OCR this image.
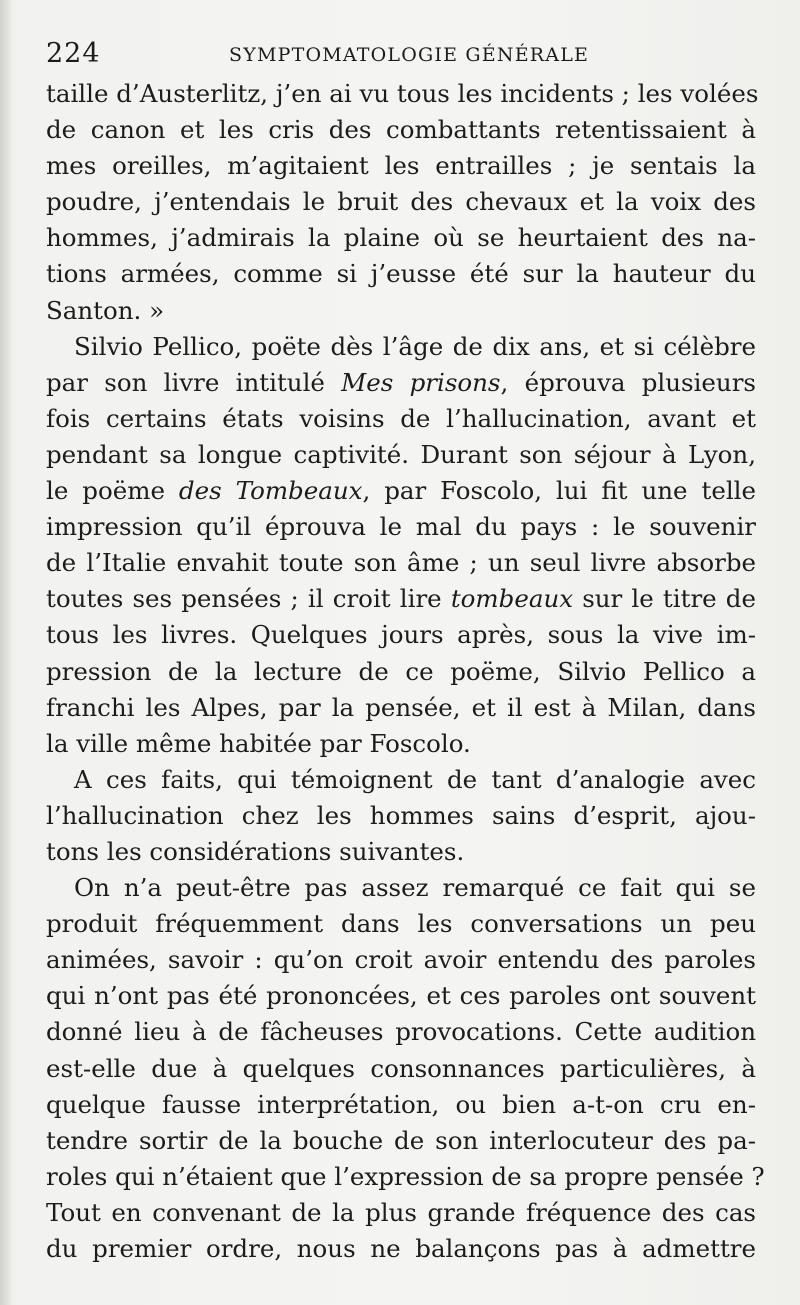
224	SYMPTOMATOLOGIE GÉNÉRALE
taille d’Austerlitz, j’en ai vu tous les incidents ; les volées
de canon et les cris des combattants retentissaient à
mes oreilles, m’agitaient les entrailles ; je sentais la
poudre, j’entendais le bruit des chevaux et la voix des
hommes, j’admirais la plaine où se heurtaient des na-
tions armées, comme si j’eusse été sur la hauteur du
Santon. »
Silvio Pellico, poëte dès l’âge de dix ans, et si célèbre
par son livre intitulé Mes prisons, éprouva plusieurs
fois certains états voisins de l’hallucination, avant et
pendant sa longue captivité. Durant son séjour à Lyon,
le poëme des Tombeaux, par Foscolo, lui fit une telle
impression qu’il éprouva le mal du pays : le souvenir
de l’Italie envahit toute son âme ; un seul livre absorbe
toutes ses pensées ; il croit lire tombeaux sur le titre de
tous les livres. Quelques jours après, sous la vive im-
pression de la lecture de ce poëme, Silvio Pellico a
franchi les Alpes, par la pensée, et il est à Milan, dans
la ville même habitée par Foscolo.
A ces faits, qui témoignent de tant d’analogie avec
l’hallucination chez les hommes sains d’esprit, ajou-
tons les considérations suivantes.
On n’a peut-être pas assez remarqué ce fait qui se
produit fréquemment dans les conversations un peu
animées, savoir : qu’on croit avoir entendu des paroles
qui n’ont pas été prononcées, et ces paroles ont souvent
donné lieu à de fâcheuses provocations. Cette audition
est-elle due à quelques consonnances particulières, à
quelque fausse interprétation, ou bien a-t-on cru en-
tendre sortir de la bouche de son interlocuteur des pa-
roles qui n’étaient que l’expression de sa propre pensée ?
Tout en convenant de la plus grande fréquence des cas
du premier ordre, nous ne balançons pas à admettre
